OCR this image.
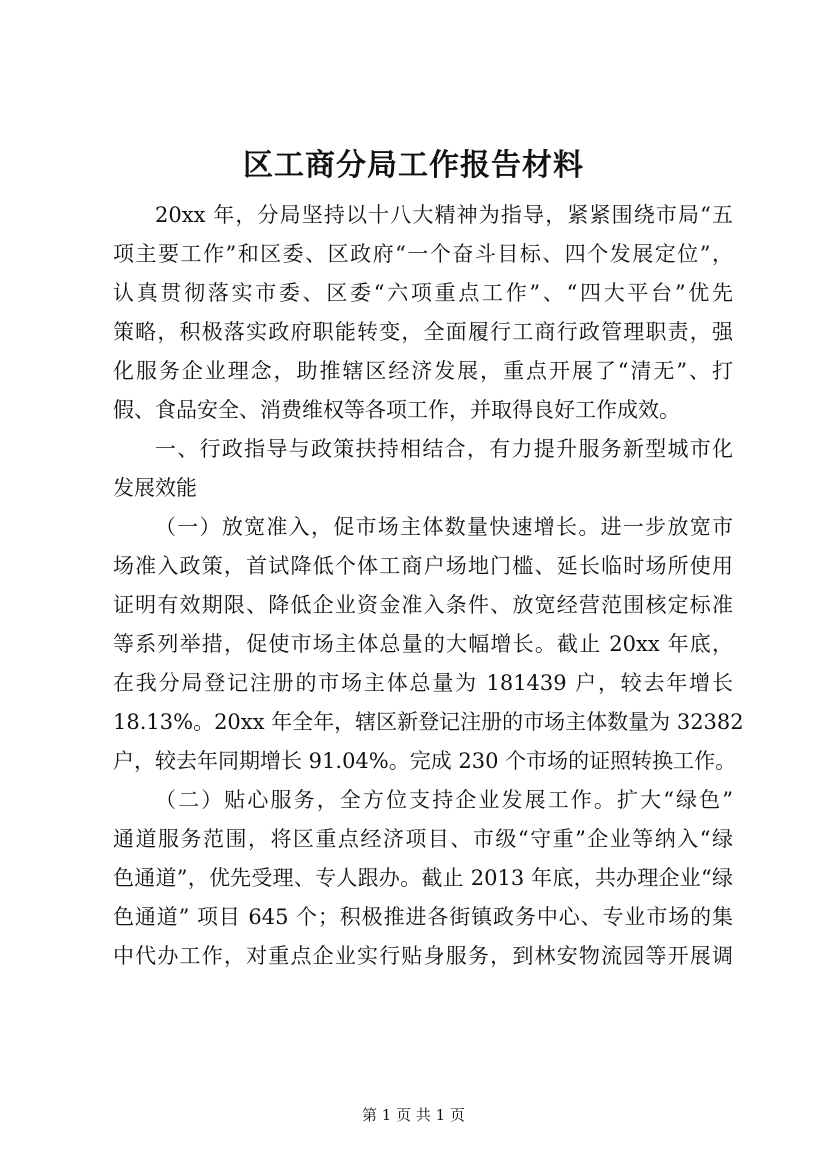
区工商分局工作报告材料
20xx 年，分局坚持以十八大精神为指导，紧紧围绕市局“五
项主要工作”和区委、区政府“一个奋斗目标、四个发展定位”，
认真贯彻落实市委、区委“六项重点工作”、“四大平台”优先
策略，积极落实政府职能转变，全面履行工商行政管理职责，强
化服务企业理念，助推辖区经济发展，重点开展了“清无”、打
假、食品安全、消费维权等各项工作，并取得良好工作成效。
一、行政指导与政策扶持相结合，有力提升服务新型城市化
发展效能
（一）放宽准入，促市场主体数量快速增长。进一步放宽市
场准入政策，首试降低个体工商户场地门槛、延长临时场所使用
证明有效期限、降低企业资金准入条件、放宽经营范围核定标准
等系列举措，促使市场主体总量的大幅增长。截止 20xx 年底，
在我分局登记注册的市场主体总量为 181439 户，较去年增长
18.13%。20xx 年全年，辖区新登记注册的市场主体数量为 32382
户，较去年同期增长 91.04%。完成 230 个市场的证照转换工作。
（二）贴心服务，全方位支持企业发展工作。扩大“绿色”
通道服务范围，将区重点经济项目、市级“守重”企业等纳入“绿
色通道”，优先受理、专人跟办。截止 2013 年底，共办理企业“绿
色通道” 项目 645 个；积极推进各街镇政务中心、专业市场的集
中代办工作，对重点企业实行贴身服务，到林安物流园等开展调
第 1 页 共 1 页
